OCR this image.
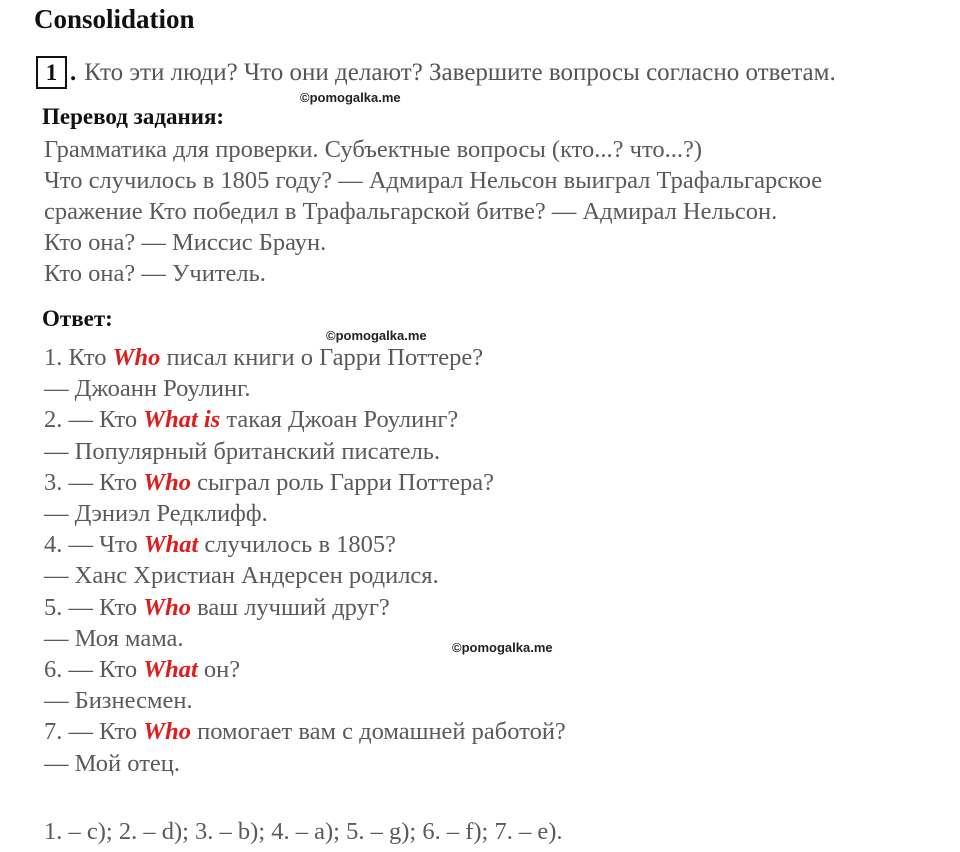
Consolidation
1 . Кто эти люди? Что они делают? Завершите вопросы согласно ответам.
©pomogalka.me
Перевод задания:
Грамматика для проверки. Субъектные вопросы (кто...? что...?)
Что случилось в 1805 году? — Адмирал Нельсон выиграл Трафальгарское
сражение Кто победил в Трафальгарской битве? — Адмирал Нельсон.
Кто она? — Миссис Браун.
Кто она? — Учитель.
Ответ:
©pomogalka.me
1. Кто Who писал книги о Гарри Поттере?
— Джоанн Роулинг.
2. — Кто What is такая Джоан Роулинг?
— Популярный британский писатель.
3. — Кто Who сыграл роль Гарри Поттера?
— Дэниэл Редклифф.
4. — Что What случилось в 1805?
— Ханс Христиан Андерсен родился.
5. — Кто Who ваш лучший друг?
— Моя мама.
6. — Кто What он?
— Бизнесмен.
7. — Кто Who помогает вам с домашней работой?
— Мой отец.
©pomogalka.me
1. – c); 2. – d); 3. – b); 4. – a); 5. – g); 6. – f); 7. – e).
